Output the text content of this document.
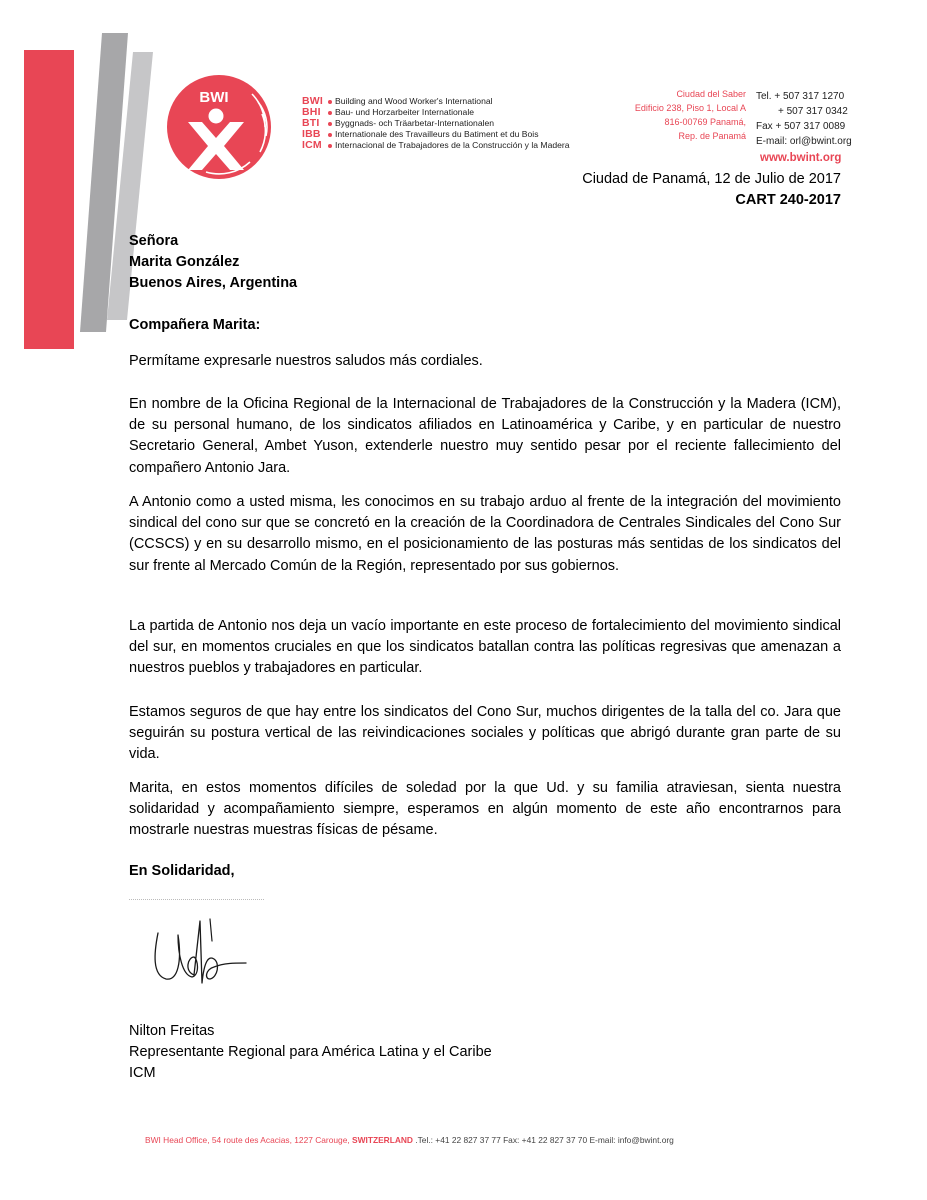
BWI	BWI	Building and Wood Worker's International
BHI	Bau- und Horzarbeiter Internationale
BTI	Byggnads- och Träarbetar-Internationalen
IBB	Internationale des Travailleurs du Batiment et du Bois
ICM	Internacional de Trabajadores de la Construcción y la Madera
Ciudad del Saber
Edificio 238, Piso 1, Local A
816-00769 Panamá,
Rep. de Panamá
Tel. + 507 317 1270
+ 507 317 0342
Fax + 507 317 0089
E-mail: orl@bwint.org
www.bwint.org
Ciudad de Panamá, 12 de Julio de 2017
CART 240-2017
Señora
Marita González
Buenos Aires, Argentina
Compañera Marita:

Permítame expresarle nuestros saludos más cordiales.

En nombre de la Oficina Regional de la Internacional de Trabajadores de la Construcción y la Madera (ICM), de su personal humano, de los sindicatos afiliados en Latinoamérica y Caribe, y en particular de nuestro Secretario General, Ambet Yuson, extenderle nuestro muy sentido pesar por el reciente fallecimiento del compañero Antonio Jara.

A Antonio como a usted misma, les conocimos en su trabajo arduo al frente de la integración del movimiento sindical del cono sur que se concretó en la creación de la Coordinadora de Centrales Sindicales del Cono Sur (CCSCS) y en su desarrollo mismo, en el posicionamiento de las posturas más sentidas de los sindicatos del sur frente al Mercado Común de la Región, representado por sus gobiernos.

La partida de Antonio nos deja un vacío importante en este proceso de fortalecimiento del movimiento sindical del sur, en momentos cruciales en que los sindicatos batallan contra las políticas regresivas que amenazan a nuestros pueblos y trabajadores en particular.

Estamos seguros de que hay entre los sindicatos del Cono Sur, muchos dirigentes de la talla del co. Jara que seguirán su postura vertical de las reivindicaciones sociales y políticas que abrigó durante gran parte de su vida.

Marita, en estos momentos difíciles de soledad por la que Ud. y su familia atraviesan, sienta nuestra solidaridad y acompañamiento siempre, esperamos en algún momento de este año encontrarnos para mostrarle nuestras muestras físicas de pésame.

En Solidaridad,
Nilton Freitas
Representante Regional para América Latina y el Caribe
ICM
BWI Head Office, 54 route des Acacias, 1227 Carouge, SWITZERLAND .Tel.: +41 22 827 37 77 Fax: +41 22 827 37 70 E-mail: info@bwint.org
